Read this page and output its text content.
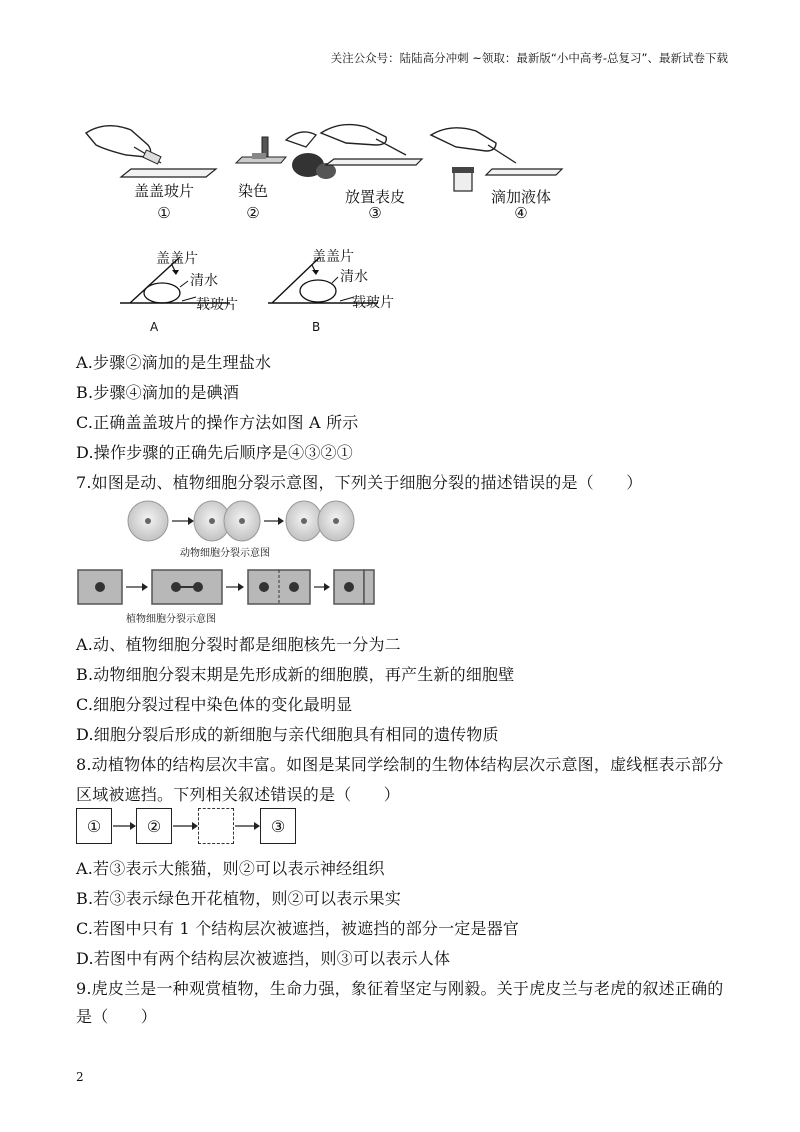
关注公众号：陆陆高分冲刺 ~领取：最新版“小中高考-总复习”、最新试卷下载
盖盖玻片
①
染色
②
放置表皮
③
滴加液体
④
盖盖片
清水
载玻片
A
盖盖片
清水
载玻片
B
A.步骤②滴加的是生理盐水
B.步骤④滴加的是碘酒
C.正确盖盖玻片的操作方法如图 A 所示
D.操作步骤的正确先后顺序是④③②①
7.如图是动、植物细胞分裂示意图，下列关于细胞分裂的描述错误的是（　　）
动物细胞分裂示意图
植物细胞分裂示意图
A.动、植物细胞分裂时都是细胞核先一分为二
B.动物细胞分裂末期是先形成新的细胞膜，再产生新的细胞壁
C.细胞分裂过程中染色体的变化最明显
D.细胞分裂后形成的新细胞与亲代细胞具有相同的遗传物质
8.动植物体的结构层次丰富。如图是某同学绘制的生物体结构层次示意图，虚线框表示部分
区域被遮挡。下列相关叙述错误的是（　　）
①	②	③
A.若③表示大熊猫，则②可以表示神经组织
B.若③表示绿色开花植物，则②可以表示果实
C.若图中只有 1 个结构层次被遮挡，被遮挡的部分一定是器官
D.若图中有两个结构层次被遮挡，则③可以表示人体
9.虎皮兰是一种观赏植物，生命力强，象征着坚定与刚毅。关于虎皮兰与老虎的叙述正确的
是（　　）
2
